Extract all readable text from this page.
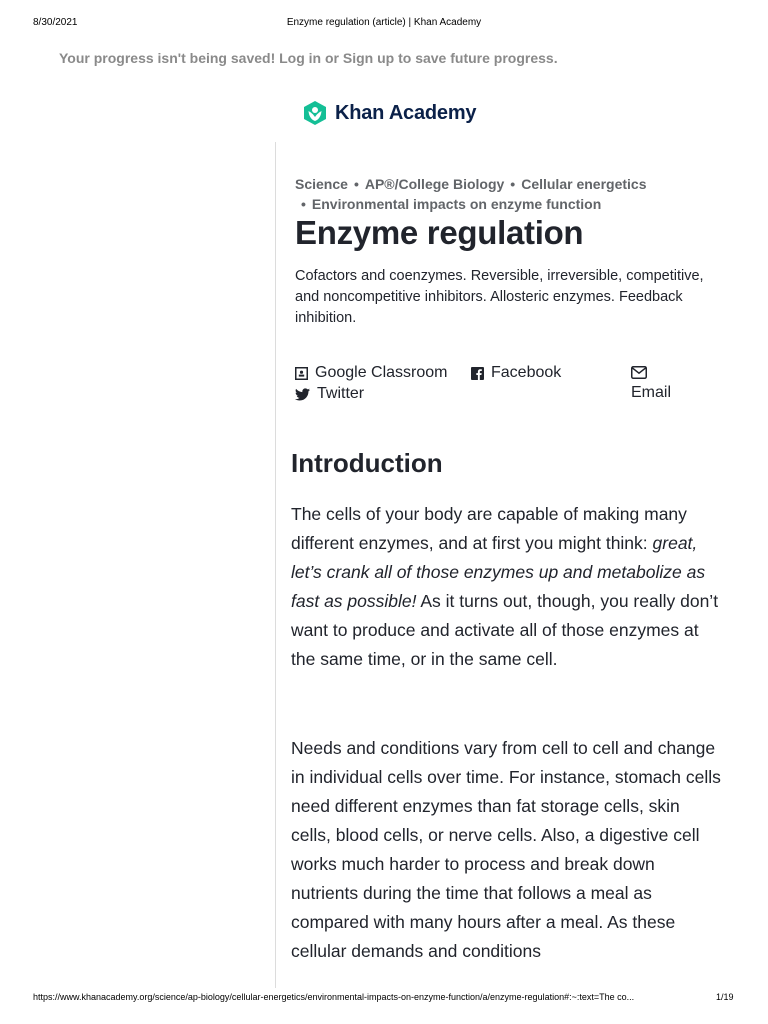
8/30/2021	Enzyme regulation (article) | Khan Academy
Your progress isn't being saved! Log in or Sign up to save future progress.
Khan Academy
Science • AP®/College Biology • Cellular energetics
• Environmental impacts on enzyme function
Enzyme regulation

Cofactors and coenzymes. Reversible, irreversible, competitive, and noncompetitive inhibitors. Allosteric enzymes. Feedback inhibition.

Google Classroom	Facebook
Twitter	Email
Introduction

The cells of your body are capable of making many different enzymes, and at first you might think: great, let’s crank all of those enzymes up and metabolize as fast as possible! As it turns out, though, you really don’t want to produce and activate all of those enzymes at the same time, or in the same cell.

Needs and conditions vary from cell to cell and change in individual cells over time. For instance, stomach cells need different enzymes than fat storage cells, skin cells, blood cells, or nerve cells. Also, a digestive cell works much harder to process and break down nutrients during the time that follows a meal as compared with many hours after a meal. As these cellular demands and conditions

https://www.khanacademy.org/science/ap-biology/cellular-energetics/environmental-impacts-on-enzyme-function/a/enzyme-regulation#:~:text=The co...	1/19
